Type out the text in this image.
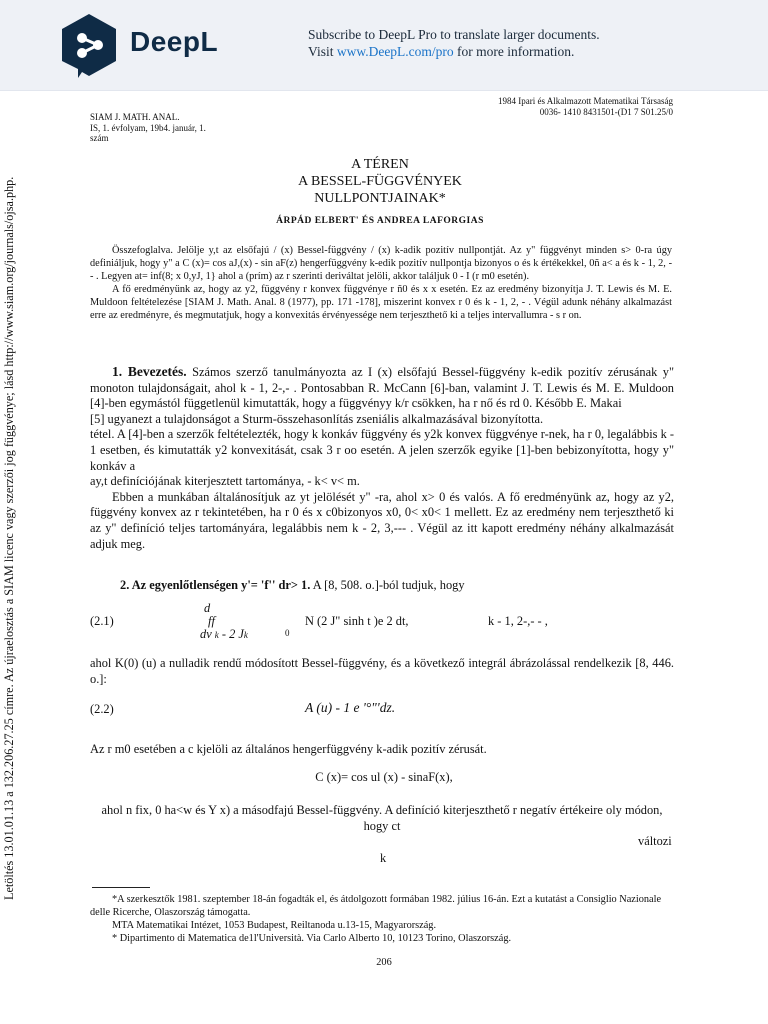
DeepL	Subscribe to DeepL Pro to translate larger documents.
Visit www.DeepL.com/pro for more information.
Letöltés 13.01.01.13 a 132.206.27.25 címre. Az újraelosztás a SIAM licenc vagy szerzői jog függvénye; lásd http://www.siam.org/journals/ojsa.php.
SIAM J. MATH. ANAL.
IS, 1. évfolyam, 19b4. január, 1.
szám
1984 Ipari és Alkalmazott Matematikai Társaság
0036- 1410 8431501-(D1 7 S01.25/0
A TÉREN
A BESSEL-FÜGGVÉNYEK
NULLPONTJAINAK*
ÁRPÁD ELBERT' ÉS ANDREA LAFORGIAS
Összefoglalva. Jelölje y,t az elsőfajú / (x) Bessel-függvény / (x) k-adik pozitív nullpontját. Az y" függvényt minden s> 0-ra úgy definiáljuk, hogy y" a C (x)= cos aJ,(x) - sin aF(z) hengerfüggvény k-edik pozitív nullpontja bizonyos o és k értékekkel, 0ñ a< a és k - 1, 2, -- . Legyen at= inf(8; x 0,yJ, 1} ahol a (prím) az r szerinti deriváltat jelöli, akkor találjuk 0 - I (r m0 esetén).
A fő eredményünk az, hogy az y2, függvény r konvex függvénye r ñ0 és x x esetén. Ez az eredmény bizonyítja J. T. Lewis és M. E. Muldoon feltételezése [SIAM J. Math. Anal. 8 (1977), pp. 171 -178], miszerint konvex r 0 és k - 1, 2, - . Végül adunk néhány alkalmazást erre az eredményre, és megmutatjuk, hogy a konvexitás érvényessége nem terjeszthető ki a teljes intervallumra - s r on.
1. Bevezetés. Számos szerző tanulmányozta az I (x) elsőfajú Bessel-függvény k-edik pozitív zérusának y" monoton tulajdonságait, ahol k - 1, 2-,- . Pontosabban R. McCann [6]-ban, valamint J. T. Lewis és M. E. Muldoon [4]-ben egymástól függetlenül kimutatták, hogy a függvényy k/r csökken, ha r nő és rd 0. Később E. Makai
[5] ugyanezt a tulajdonságot a Sturm-összehasonlítás zseniális alkalmazásával bizonyította.
tétel. A [4]-ben a szerzők feltételezték, hogy k konkáv függvény és y2k konvex függvénye r-nek, ha r 0, legalábbis k - 1 esetben, és kimutatták y2 konvexitását, csak 3 r oo esetén. A jelen szerzők egyike [1]-ben bebizonyította, hogy y" konkáv a
ay,t definíciójának kiterjesztett tartománya, - k< v< m.
Ebben a munkában általánosítjuk az yt jelölését y" -ra, ahol x> 0 és valós. A fő eredményünk az, hogy az y2, függvény konvex az r tekintetében, ha r 0 és x c0bizonyos x0, 0< x0< 1 mellett. Ez az eredmény nem terjeszthető ki az y" definíció teljes tartományára, legalábbis nem k - 2, 3,--- . Végül az itt kapott eredmény néhány alkalmazását adjuk meg.
2. Az egyenlőtlenségen y'= 'f'' dr> 1. A [8, 508. o.]-ból tudjuk, hogy
(2.1)
d
ff
dv k - 2 Jk	0
N (2 J" sinh t )e 2 dt,	k - 1, 2-,- - ,
ahol K(0) (u) a nulladik rendű módosított Bessel-függvény, és a következő integrál ábrázolással rendelkezik [8, 446. o.]:
(2.2)	A (u) - 1 e '°"'dz.
Az r m0 esetében a c kjelöli az általános hengerfüggvény k-adik pozitív zérusát.
C (x)= cos ul (x) - sinaF(x),
ahol n fix, 0 ha<w és Y x) a másodfajú Bessel-függvény. A definíció kiterjeszthető r negatív értékeire oly módon, hogy ct
változi
k
*A szerkesztők 1981. szeptember 18-án fogadták el, és átdolgozott formában 1982. július 16-án. Ezt a kutatást a Consiglio Nazionale delle Ricerche, Olaszország támogatta.
MTA Matematikai Intézet, 1053 Budapest, Reiltanoda u.13-15, Magyarország.
* Dipartimento di Matematica de1l'Università. Via Carlo Alberto 10, 10123 Torino, Olaszország.
206
